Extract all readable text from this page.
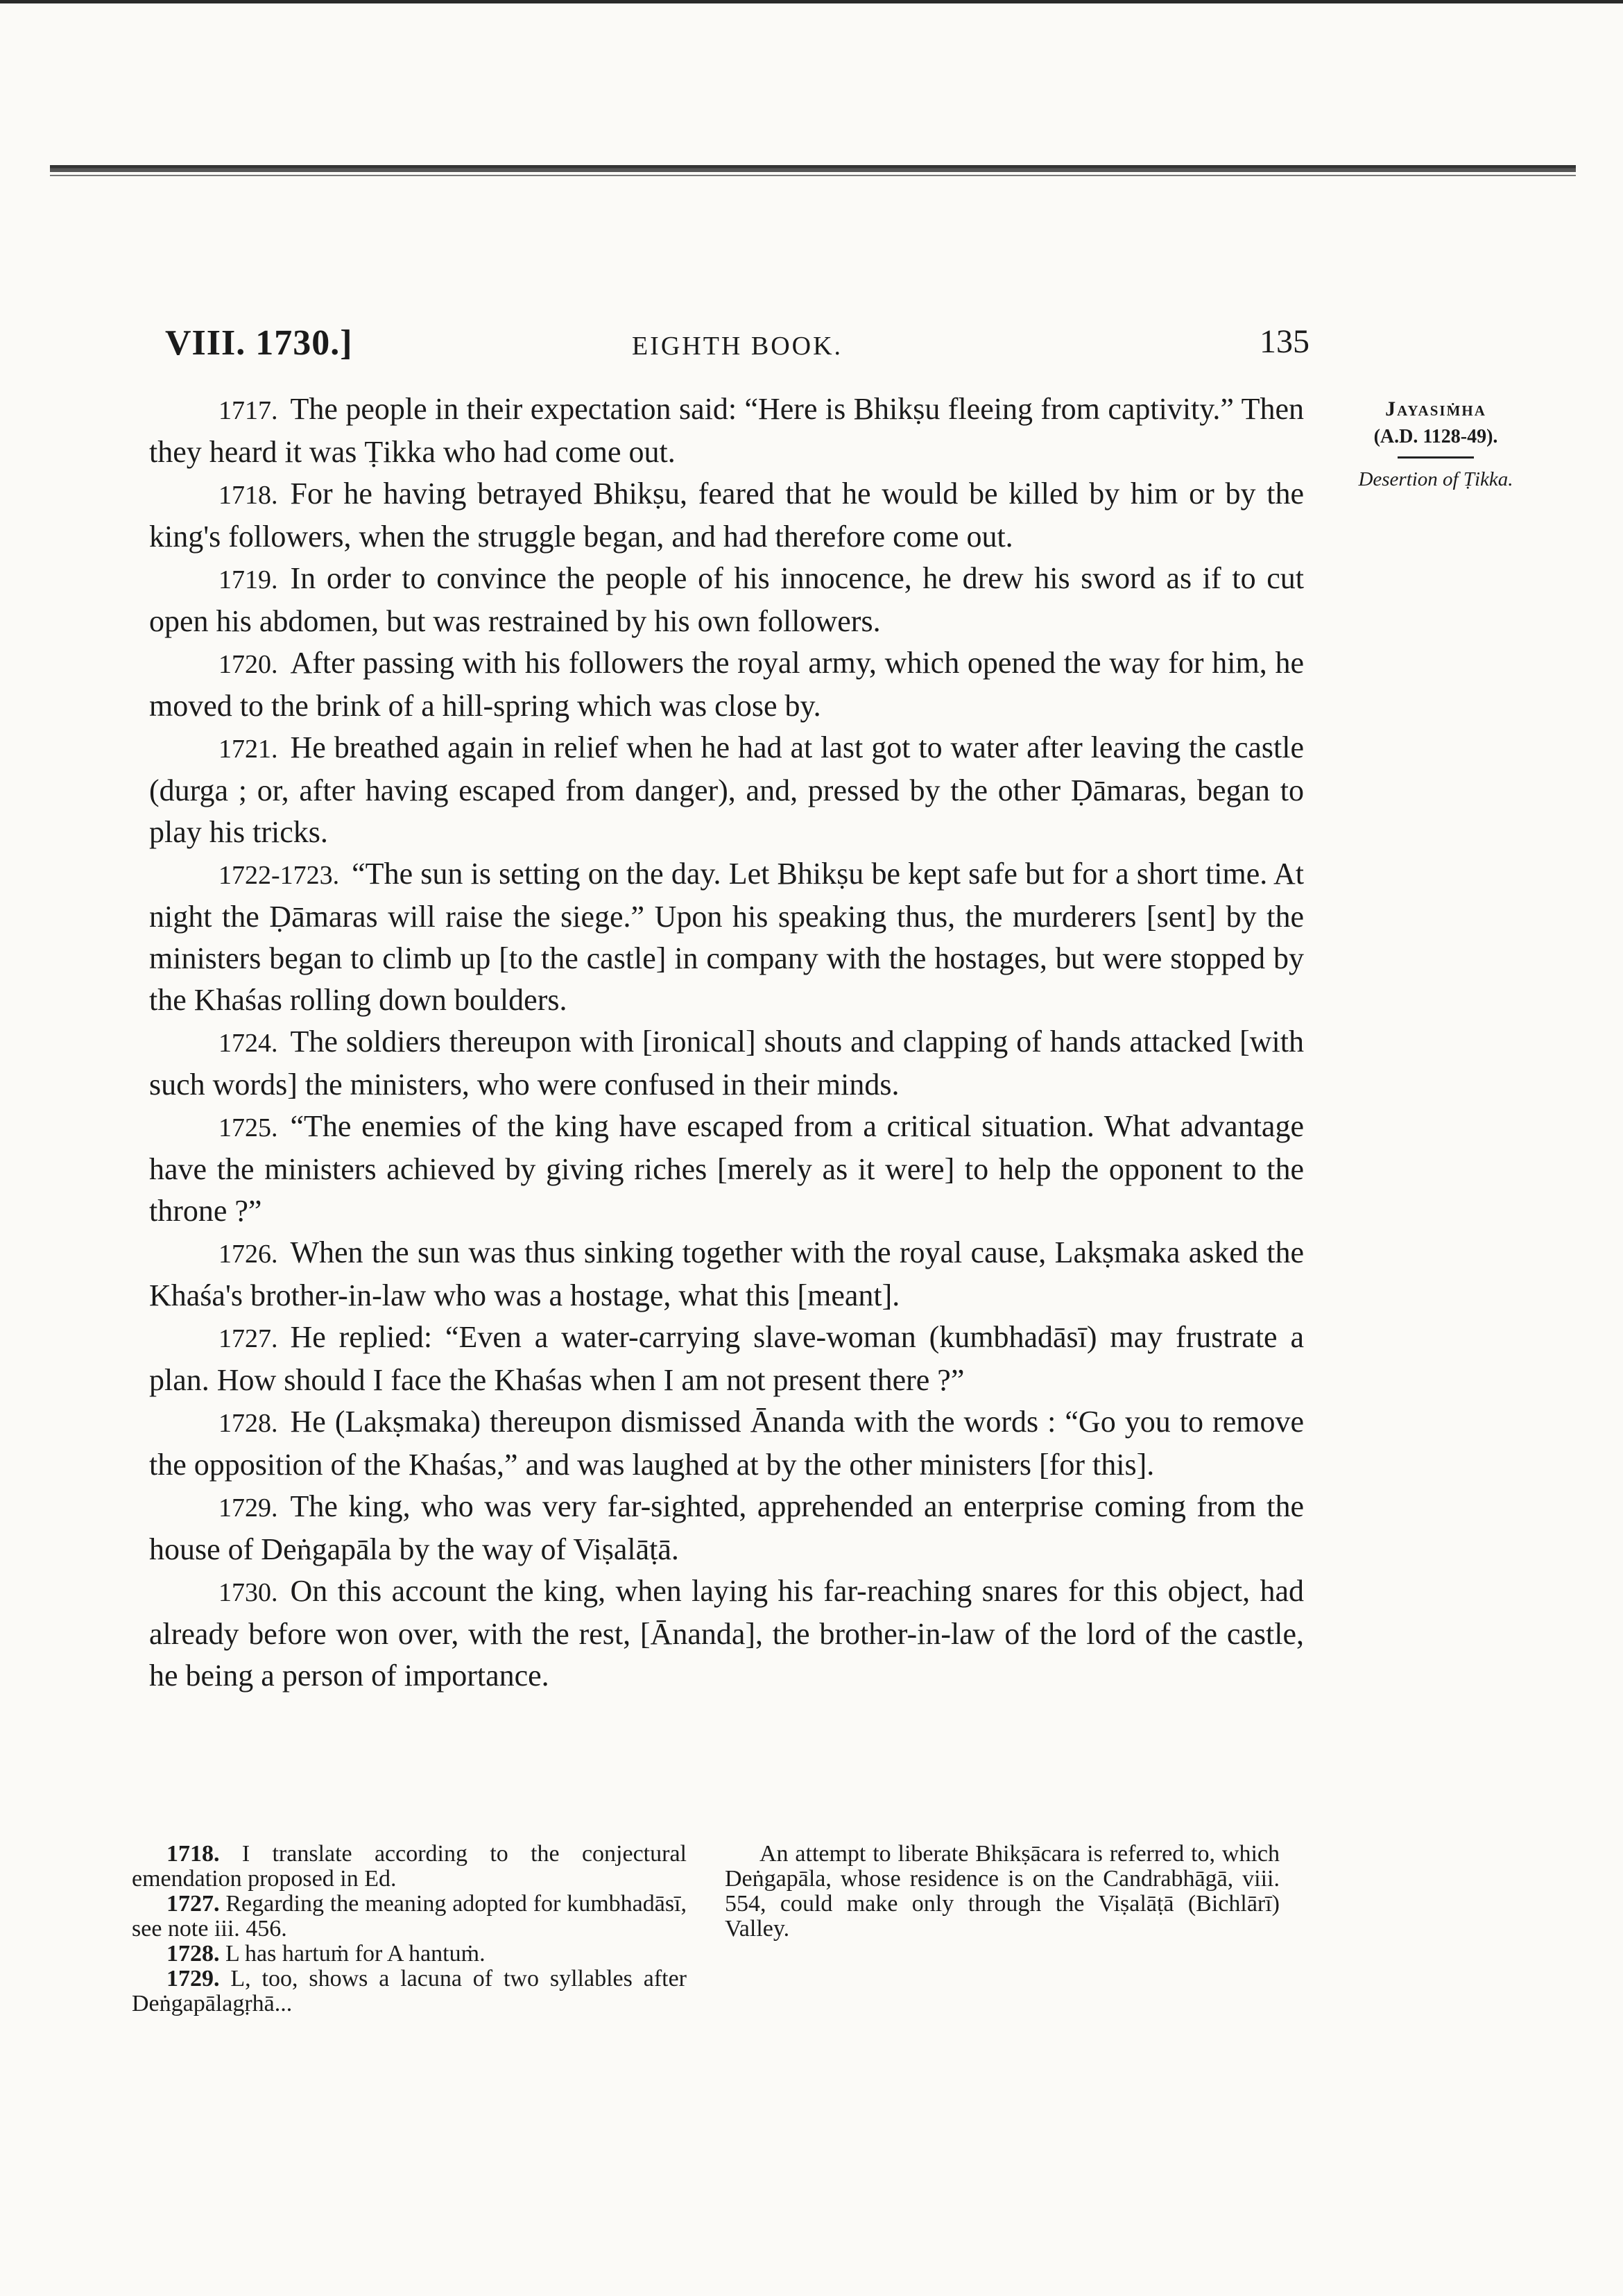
VIII. 1730.]	EIGHTH BOOK.	135
Jayasiṁha
(A.D. 1128-49).
Desertion of Ṭikka.

1717. The people in their expectation said: “Here is Bhikṣu fleeing from captivity.” Then they heard it was Ṭikka who had come out.

1718. For he having betrayed Bhikṣu, feared that he would be killed by him or by the king's followers, when the struggle began, and had therefore come out.

1719. In order to convince the people of his innocence, he drew his sword as if to cut open his abdomen, but was restrained by his own followers.

1720. After passing with his followers the royal army, which opened the way for him, he moved to the brink of a hill-spring which was close by.

1721. He breathed again in relief when he had at last got to water after leaving the castle (durga ; or, after having escaped from danger), and, pressed by the other Ḍāmaras, began to play his tricks.

1722-1723. “The sun is setting on the day. Let Bhikṣu be kept safe but for a short time. At night the Ḍāmaras will raise the siege.” Upon his speaking thus, the murderers [sent] by the ministers began to climb up [to the castle] in company with the hostages, but were stopped by the Khaśas rolling down boulders.

1724. The soldiers thereupon with [ironical] shouts and clapping of hands attacked [with such words] the ministers, who were confused in their minds.

1725. “The enemies of the king have escaped from a critical situation. What advantage have the ministers achieved by giving riches [merely as it were] to help the opponent to the throne ?”

1726. When the sun was thus sinking together with the royal cause, Lakṣmaka asked the Khaśa's brother-in-law who was a hostage, what this [meant].

1727. He replied: “Even a water-carrying slave-woman (kumbhadāsī) may frustrate a plan. How should I face the Khaśas when I am not present there ?”

1728. He (Lakṣmaka) thereupon dismissed Ānanda with the words : “Go you to remove the opposition of the Khaśas,” and was laughed at by the other ministers [for this].

1729. The king, who was very far-sighted, apprehended an enterprise coming from the house of Deṅgapāla by the way of Viṣalāṭā.

1730. On this account the king, when laying his far-reaching snares for this object, had already before won over, with the rest, [Ānanda], the brother-in-law of the lord of the castle, he being a person of importance.

1718. I translate according to the conjectural emendation proposed in Ed.

1727. Regarding the meaning adopted for kumbhadāsī, see note iii. 456.

1728. L has hartuṁ for A hantuṁ.

1729. L, too, shows a lacuna of two syllables after Deṅgapālagṛhā...

An attempt to liberate Bhikṣācara is referred to, which Deṅgapāla, whose residence is on the Candrabhāgā, viii. 554, could make only through the Viṣalāṭā (Bichlārī) Valley.
